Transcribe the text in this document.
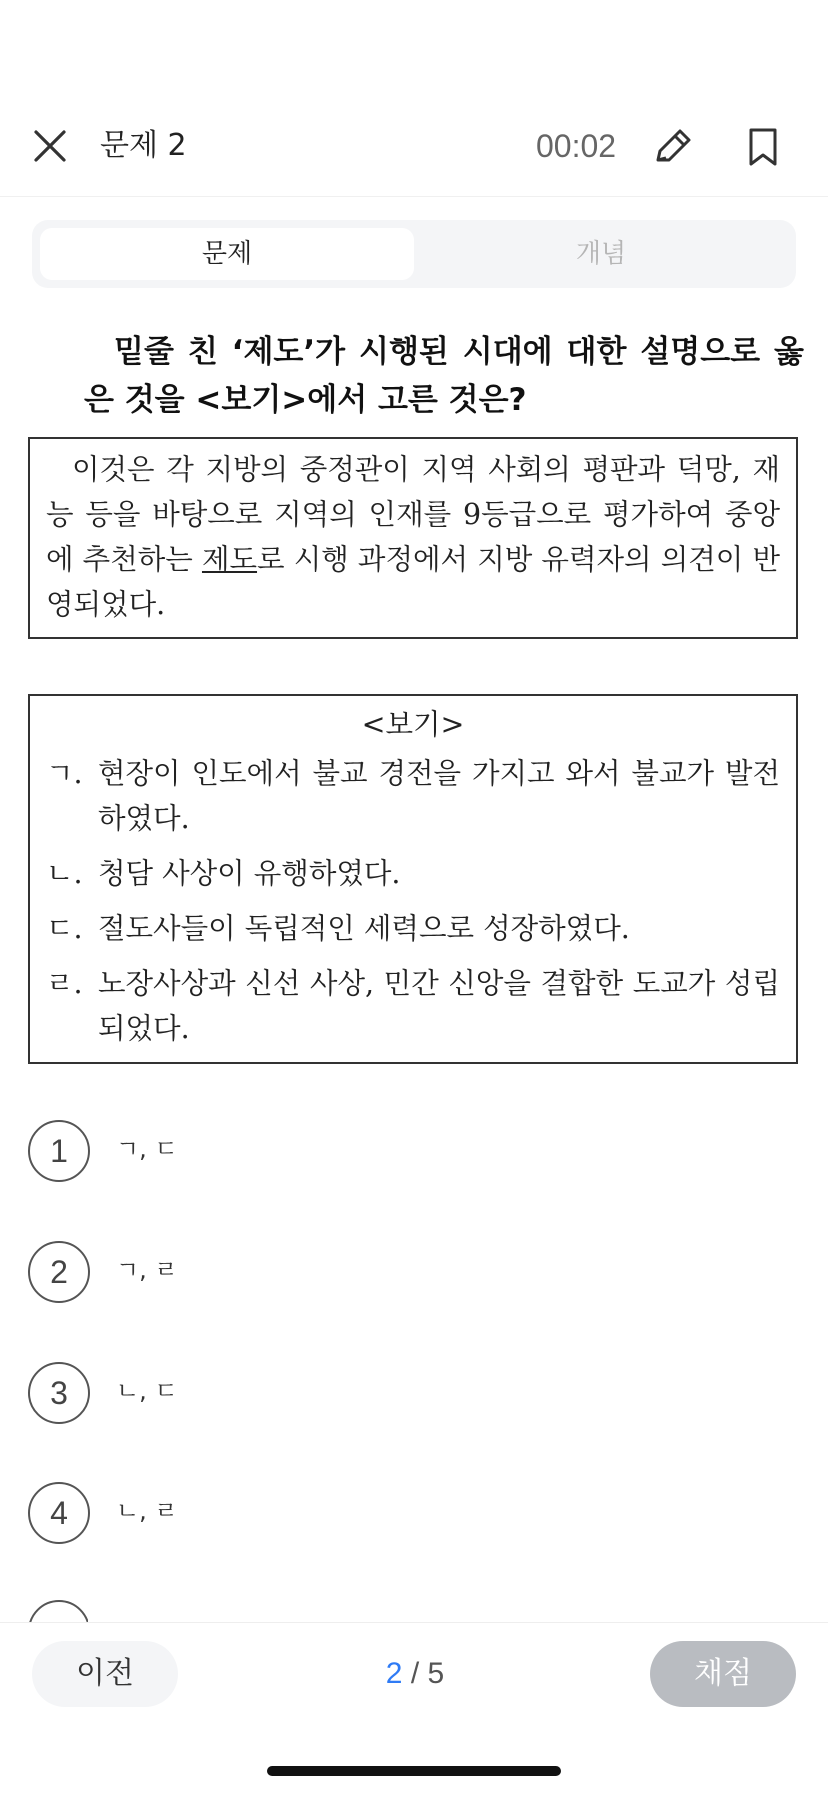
문제 2	00:02
문제	개념
밑줄 친 ‘제도’가 시행된 시대에 대한 설명으로 옳은 것을 <보기>에서 고른 것은?
이것은 각 지방의 중정관이 지역 사회의 평판과 덕망, 재능 등을 바탕으로 지역의 인재를 9등급으로 평가하여 중앙에 추천하는 제도로 시행 과정에서 지방 유력자의 의견이 반영되었다.
<보기>
ㄱ. 현장이 인도에서 불교 경전을 가지고 와서 불교가 발전하였다.
ㄴ. 청담 사상이 유행하였다.
ㄷ. 절도사들이 독립적인 세력으로 성장하였다.
ㄹ. 노장사상과 신선 사상, 민간 신앙을 결합한 도교가 성립되었다.
1	ㄱ, ㄷ
2	ㄱ, ㄹ
3	ㄴ, ㄷ
4	ㄴ, ㄹ
이전	2 / 5	채점
